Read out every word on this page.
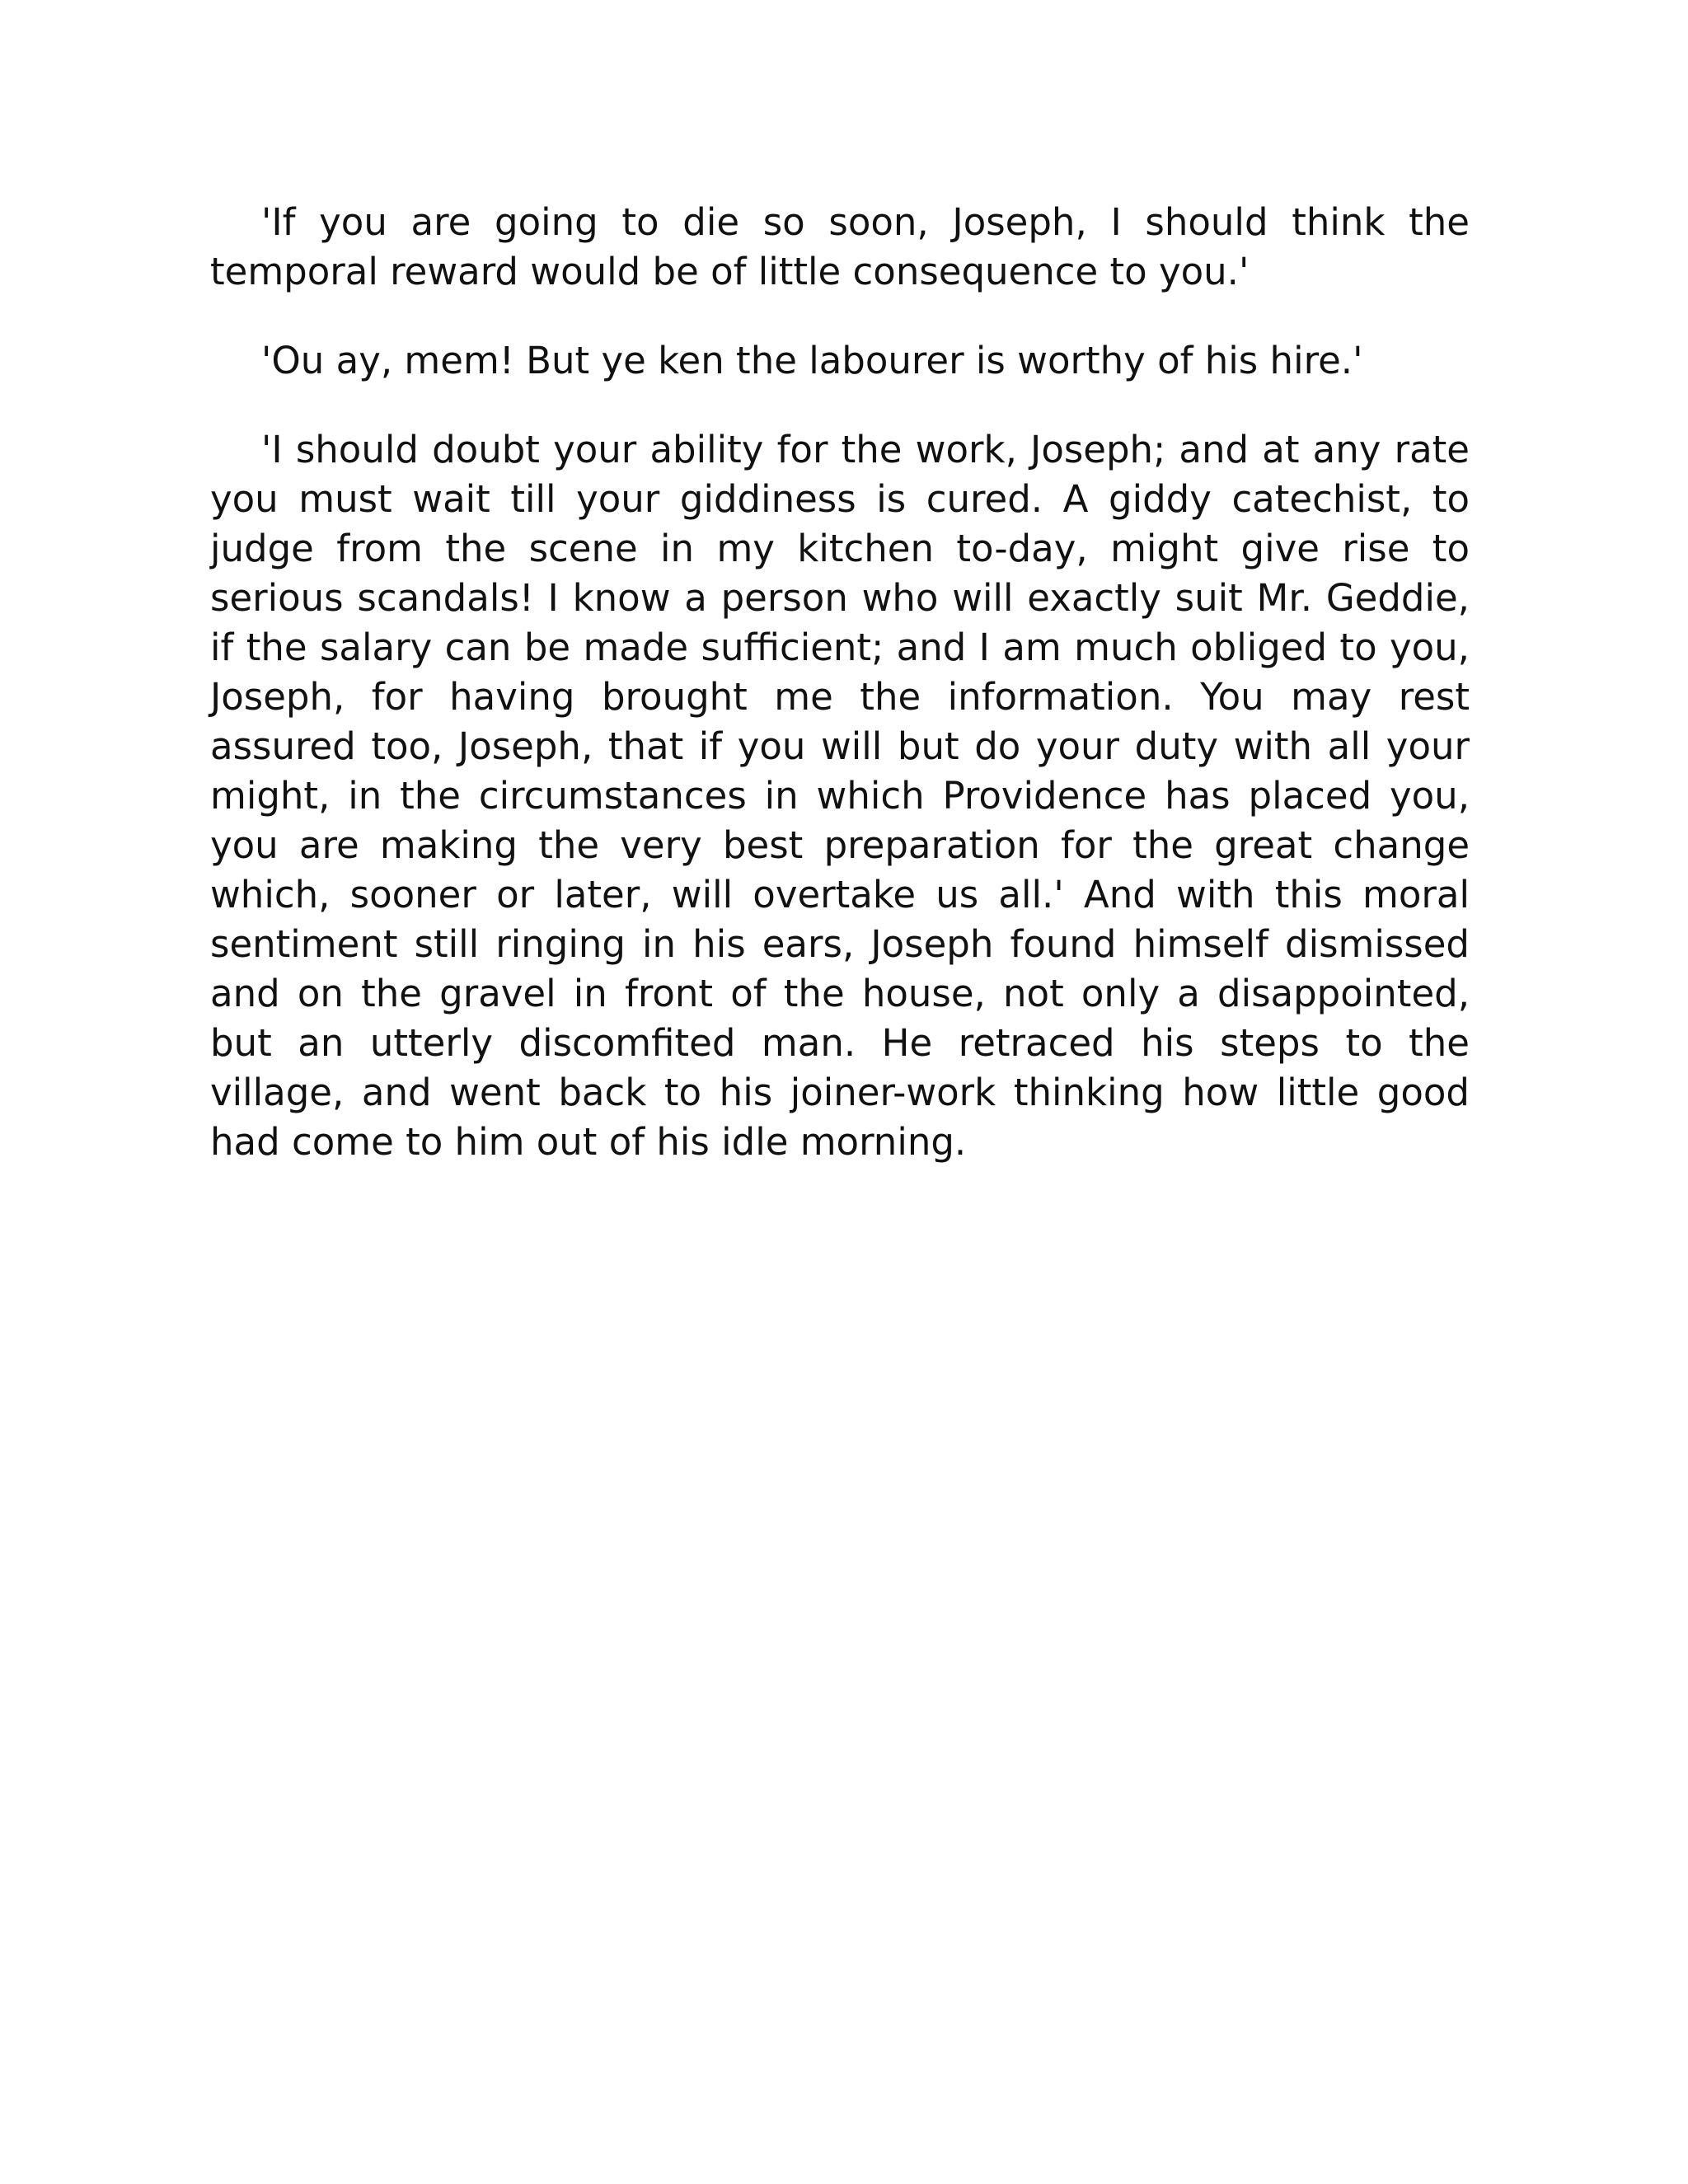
'If you are going to die so soon, Joseph, I should think the temporal reward would be of little consequence to you.'

'Ou ay, mem! But ye ken the labourer is worthy of his hire.'

'I should doubt your ability for the work, Joseph; and at any rate you must wait till your giddiness is cured. A giddy catechist, to judge from the scene in my kitchen to-day, might give rise to serious scandals! I know a person who will exactly suit Mr. Geddie, if the salary can be made sufficient; and I am much obliged to you, Joseph, for having brought me the information. You may rest assured too, Joseph, that if you will but do your duty with all your might, in the circumstances in which Providence has placed you, you are making the very best preparation for the great change which, sooner or later, will overtake us all.' And with this moral sentiment still ringing in his ears, Joseph found himself dismissed and on the gravel in front of the house, not only a disappointed, but an utterly discomfited man. He retraced his steps to the village, and went back to his joiner-work thinking how little good had come to him out of his idle morning.
